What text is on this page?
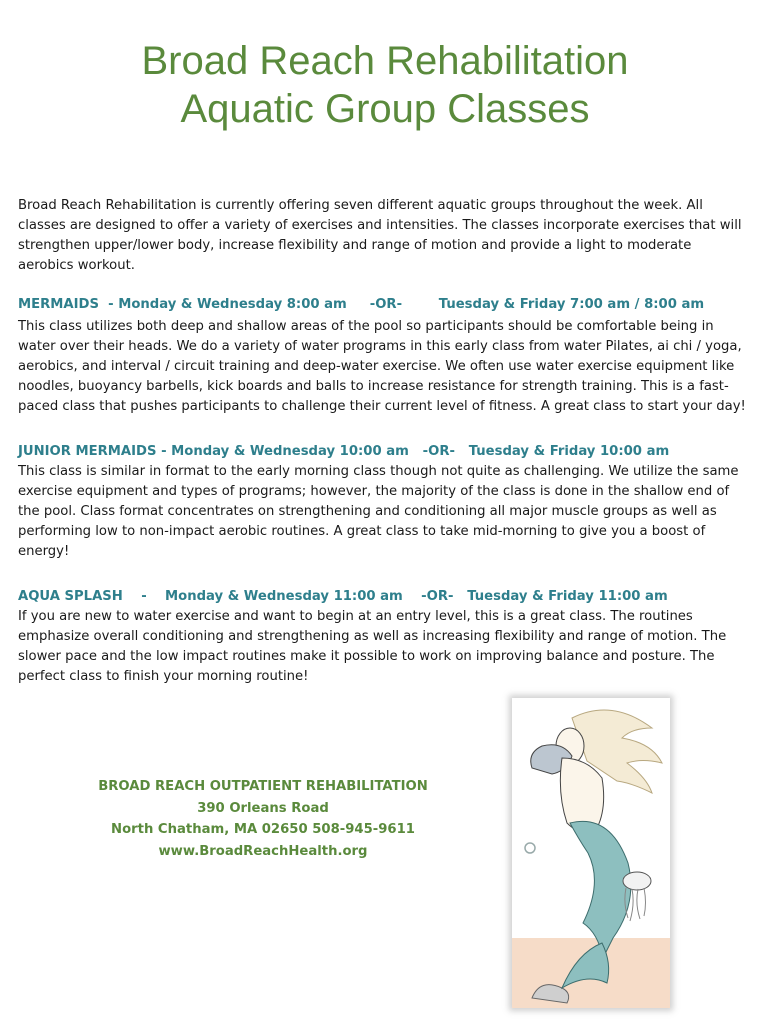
Broad Reach Rehabilitation
Aquatic Group Classes

Broad Reach Rehabilitation is currently offering seven different aquatic groups throughout the week. All classes are designed to offer a variety of exercises and intensities. The classes incorporate exercises that will strengthen upper/lower body, increase flexibility and range of motion and provide a light to moderate aerobics workout.

MERMAIDS  - Monday & Wednesday 8:00 am     -OR-        Tuesday & Friday 7:00 am / 8:00 am

This class utilizes both deep and shallow areas of the pool so participants should be comfortable being in water over their heads. We do a variety of water programs in this early class from water Pilates, ai chi / yoga, aerobics, and interval / circuit training and deep-water exercise. We often use water exercise equipment like noodles, buoyancy barbells, kick boards and balls to increase resistance for strength training. This is a fast-paced class that pushes participants to challenge their current level of fitness. A great class to start your day!

JUNIOR MERMAIDS - Monday & Wednesday 10:00 am   -OR-   Tuesday & Friday 10:00 am

This class is similar in format to the early morning class though not quite as challenging. We utilize the same exercise equipment and types of programs; however, the majority of the class is done in the shallow end of the pool. Class format concentrates on strengthening and conditioning all major muscle groups as well as performing low to non-impact aerobic routines. A great class to take mid-morning to give you a boost of energy!

AQUA SPLASH    -    Monday & Wednesday 11:00 am    -OR-   Tuesday & Friday 11:00 am

If you are new to water exercise and want to begin at an entry level, this is a great class. The routines emphasize overall conditioning and strengthening as well as increasing flexibility and range of motion. The slower pace and the low impact routines make it possible to work on improving balance and posture. The perfect class to finish your morning routine!

BROAD REACH OUTPATIENT REHABILITATION
390 Orleans Road
North Chatham, MA 02650 508-945-9611
www.BroadReachHealth.org
